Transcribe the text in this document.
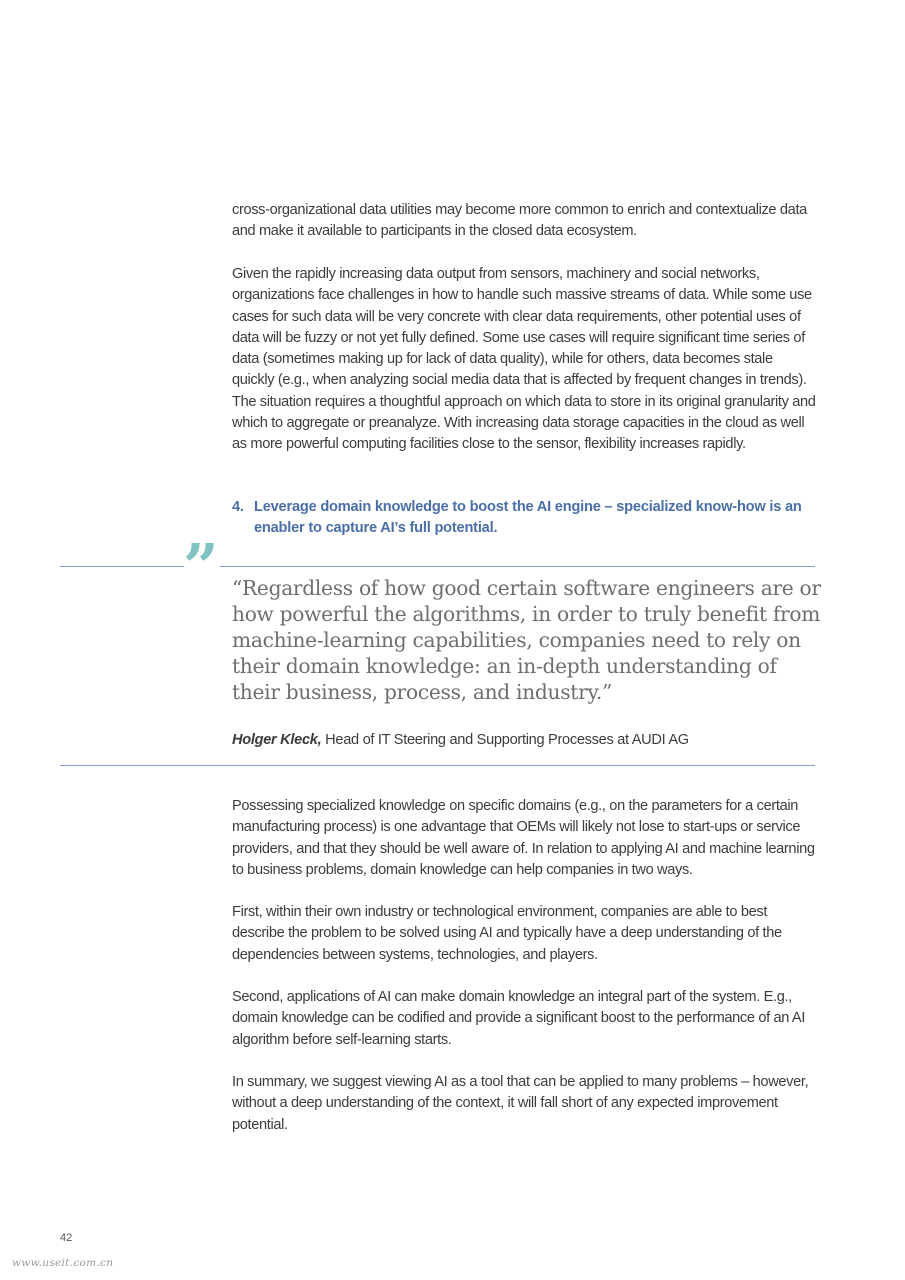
cross-organizational data utilities may become more common to enrich and contextualize data and make it available to participants in the closed data ecosystem.

Given the rapidly increasing data output from sensors, machinery and social networks, organizations face challenges in how to handle such massive streams of data. While some use cases for such data will be very concrete with clear data requirements, other potential uses of data will be fuzzy or not yet fully defined. Some use cases will require significant time series of data (sometimes making up for lack of data quality), while for others, data becomes stale quickly (e.g., when analyzing social media data that is affected by frequent changes in trends). The situation requires a thoughtful approach on which data to store in its original granularity and which to aggregate or preanalyze. With increasing data storage capacities in the cloud as well as more powerful computing facilities close to the sensor, flexibility increases rapidly.

4. Leverage domain knowledge to boost the AI engine – specialized know-how is an enabler to capture AI’s full potential.
” “Regardless of how good certain software engineers are or how powerful the algorithms, in order to truly benefit from machine-learning capabilities, companies need to rely on their domain knowledge: an in-depth understanding of their business, process, and industry.”

Holger Kleck, Head of IT Steering and Supporting Processes at AUDI AG

Possessing specialized knowledge on specific domains (e.g., on the parameters for a certain manufacturing process) is one advantage that OEMs will likely not lose to start-ups or service providers, and that they should be well aware of. In relation to applying AI and machine learning to business problems, domain knowledge can help companies in two ways.

First, within their own industry or technological environment, companies are able to best describe the problem to be solved using AI and typically have a deep understanding of the dependencies between systems, technologies, and players.

Second, applications of AI can make domain knowledge an integral part of the system. E.g., domain knowledge can be codified and provide a significant boost to the performance of an AI algorithm before self-learning starts.

In summary, we suggest viewing AI as a tool that can be applied to many problems – however, without a deep understanding of the context, it will fall short of any expected improvement potential.

42
www.useit.com.cn
